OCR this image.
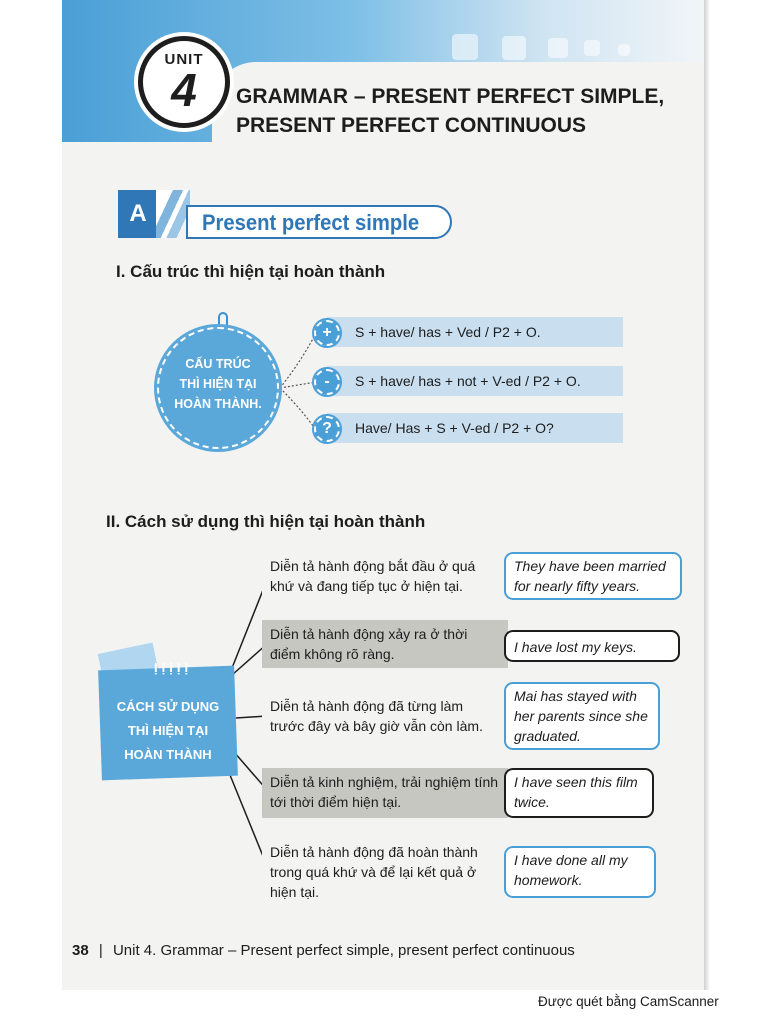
UNIT
4	GRAMMAR – PRESENT PERFECT SIMPLE,
PRESENT PERFECT CONTINUOUS
A	Present perfect simple
I. Cấu trúc thì hiện tại hoàn thành
CẤU TRÚC
THÌ HIỆN TẠI
HOÀN THÀNH.
S + have/ has + Ved / P2 + O.
S + have/ has + not + V-ed / P2 + O.
Have/ Has + S + V-ed / P2 + O?
+
-
?
II. Cách sử dụng thì hiện tại hoàn thành
ỊỊỊỊỊ
CÁCH SỬ DỤNG
THÌ HIỆN TẠI
HOÀN THÀNH
Diễn tả hành động bắt đầu ở quá khứ và đang tiếp tục ở hiện tại.
Diễn tả hành động xảy ra ở thời điểm không rõ ràng.
Diễn tả hành động đã từng làm trước đây và bây giờ vẫn còn làm.
Diễn tả kinh nghiệm, trải nghiệm tính tới thời điểm hiện tại.
Diễn tả hành động đã hoàn thành trong quá khứ và để lại kết quả ở hiện tại.
They have been married for nearly fifty years.
I have lost my keys.
Mai has stayed with her parents since she graduated.
I have seen this film twice.
I have done all my homework.
38 | Unit 4. Grammar – Present perfect simple, present perfect continuous
Được quét bằng CamScanner
